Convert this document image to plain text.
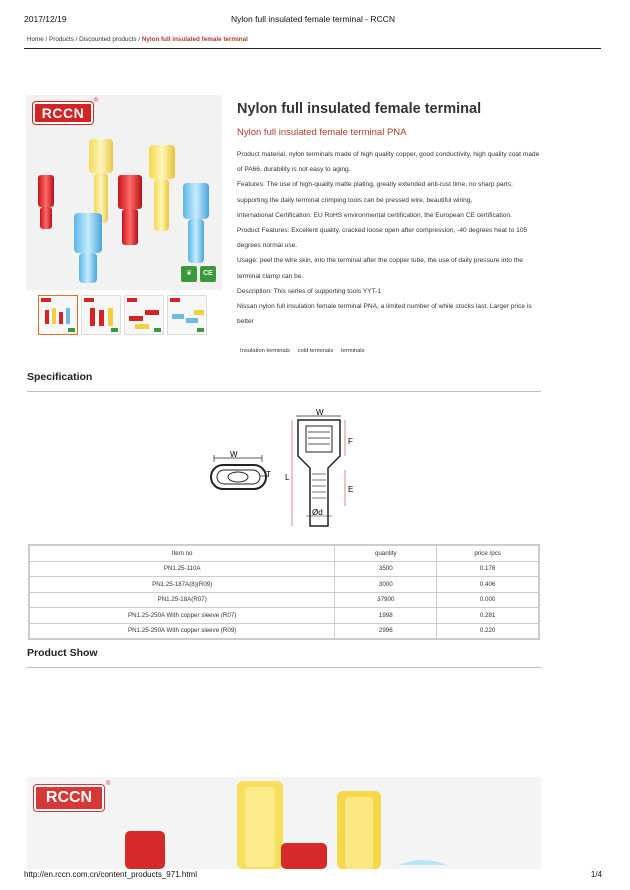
2017/12/19	Nylon full insulated female terminal - RCCN
Home / Products / Discounted products / Nylon full insulated female terminal
RCCN
®
❦	CE
Nylon full insulated female terminal
Nylon full insulated female terminal PNA

Product material, nylon terminals made of high quality copper, good conductivity, high quality coat made of PA66, durability is not easy to aging.

Features: The use of high-quality matte plating, greatly extended anti-rust time, no sharp parts; supporting the daily terminal crimping tools can be pressed wire, beautiful wiring,

International Certification: EU RoHS environmental certification, the European CE certification.

Product Features: Excellent quality, cracked loose open after compression, -40 degrees heat to 105 degrees normal use.

Usage: peel the wire skin, into the terminal after the copper tube, the use of daily pressure into the terminal clamp can be.

Description: This series of supporting tools YYT-1

Nissan nylon full insulation female terminal PNA, a limited number of while stocks last. Larger price is better

Insulation terminals cold terminals terminals
Specification
W
T
W
L
F
E
Ød
Item no	quantity	price /pcs
PN1.25-110A	3500	0.178
PN1.25-187A(8)(R09)	3000	0.406
PN1.25-18A(R07)	37900	0.000
PN1.25-250A With copper sleeve (R07)	1998	0.281
PN1.25-250A With copper sleeve (R09)	2996	0.220
Product Show
RCCN
®
http://en.rccn.com.cn/content_products_971.html	1/4
